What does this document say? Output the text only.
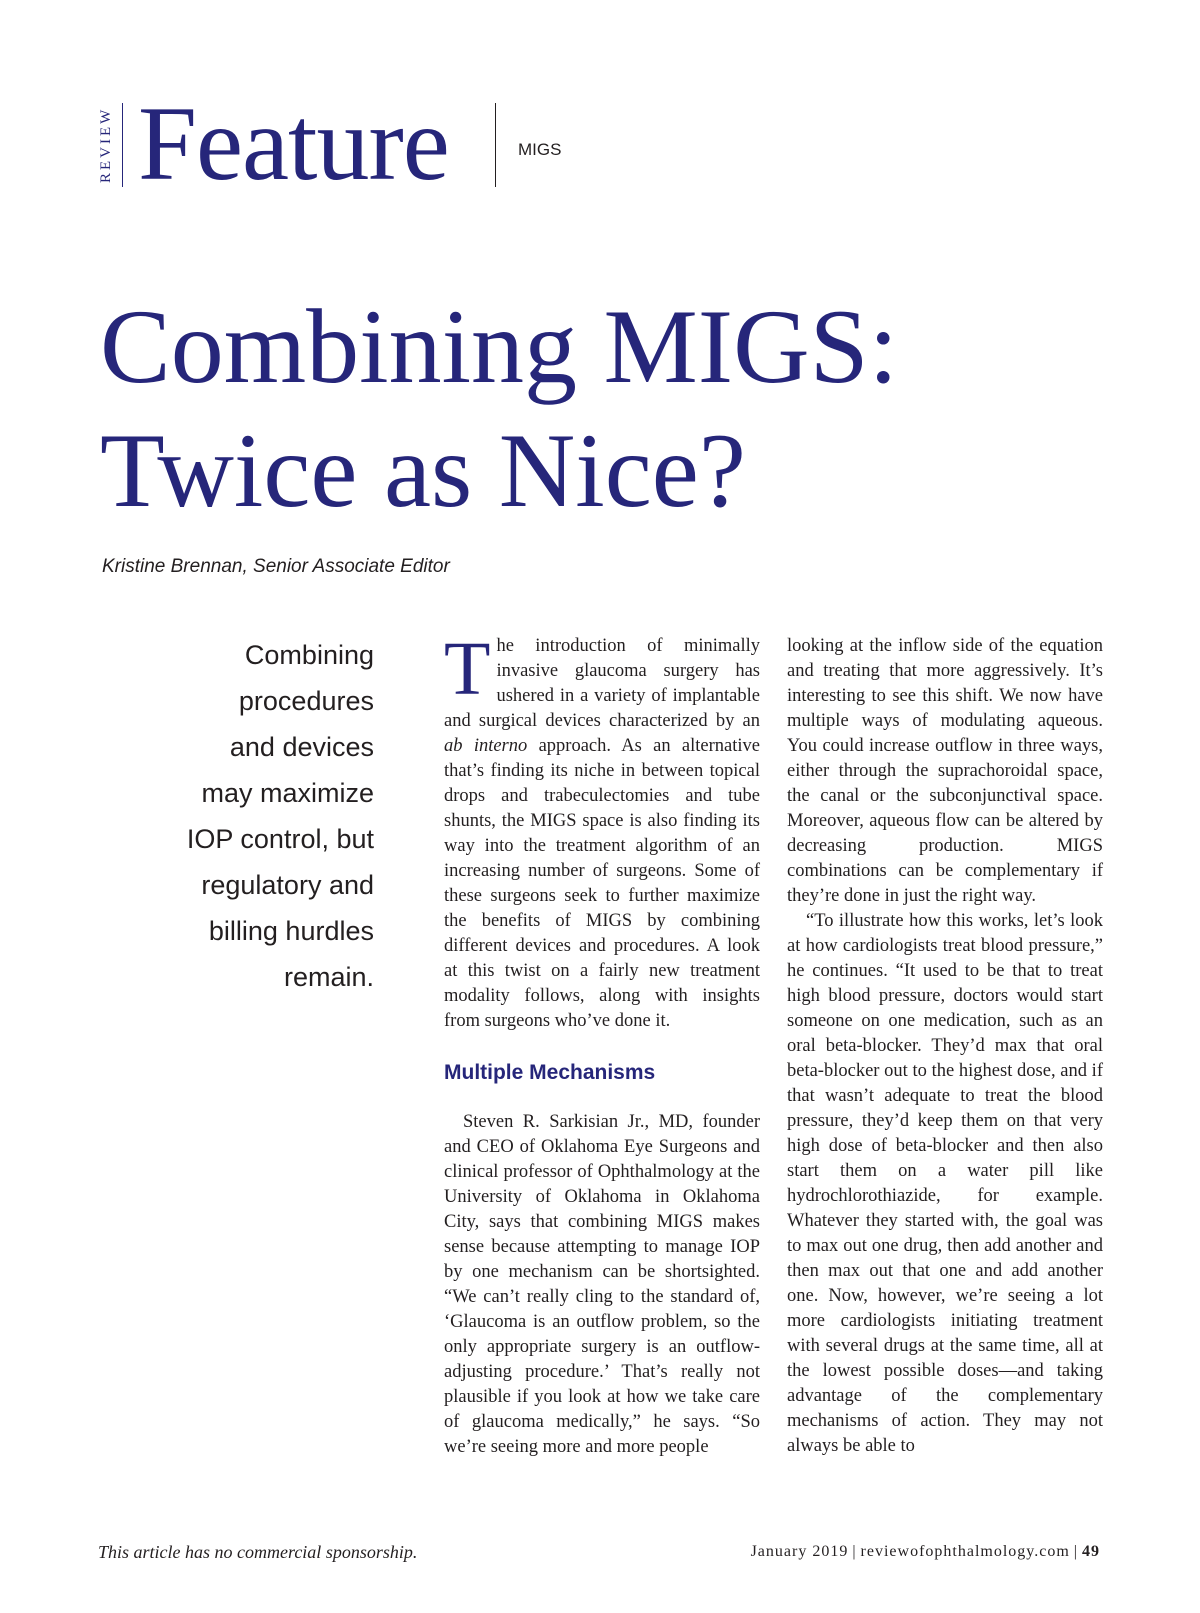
REVIEW Feature	MIGS
Combining MIGS:
Twice as Nice?
Kristine Brennan, Senior Associate Editor
Combining
procedures
and devices
may maximize
IOP control, but
regulatory and
billing hurdles
remain.

The introduction of minimally invasive glaucoma surgery has ushered in a variety of implantable and surgical devices characterized by an ab interno approach. As an alternative that’s finding its niche in between topical drops and trabeculectomies and tube shunts, the MIGS space is also finding its way into the treatment algorithm of an increasing number of surgeons. Some of these surgeons seek to further maximize the benefits of MIGS by combining different devices and procedures. A look at this twist on a fairly new treatment modality follows, along with insights from surgeons who’ve done it.

Multiple Mechanisms

Steven R. Sarkisian Jr., MD, founder and CEO of Oklahoma Eye Surgeons and clinical professor of Ophthalmology at the University of Oklahoma in Oklahoma City, says that combining MIGS makes sense because attempting to manage IOP by one mechanism can be shortsighted. “We can’t really cling to the standard of, ‘Glaucoma is an outflow problem, so the only appropriate surgery is an outflow-adjusting procedure.’ That’s really not plausible if you look at how we take care of glaucoma medically,” he says. “So we’re seeing more and more people

looking at the inflow side of the equation and treating that more aggressively. It’s interesting to see this shift. We now have multiple ways of modulating aqueous. You could increase outflow in three ways, either through the suprachoroidal space, the canal or the subconjunctival space. Moreover, aqueous flow can be altered by decreasing production. MIGS combinations can be complementary if they’re done in just the right way.

“To illustrate how this works, let’s look at how cardiologists treat blood pressure,” he continues. “It used to be that to treat high blood pressure, doctors would start someone on one medication, such as an oral beta-blocker. They’d max that oral beta-blocker out to the highest dose, and if that wasn’t adequate to treat the blood pressure, they’d keep them on that very high dose of beta-blocker and then also start them on a water pill like hydrochlorothiazide, for example. Whatever they started with, the goal was to max out one drug, then add another and then max out that one and add another one. Now, however, we’re seeing a lot more cardiologists initiating treatment with several drugs at the same time, all at the lowest possible doses—and taking advantage of the complementary mechanisms of action. They may not always be able to

This article has no commercial sponsorship.	January 2019 | reviewofophthalmology.com | 49
